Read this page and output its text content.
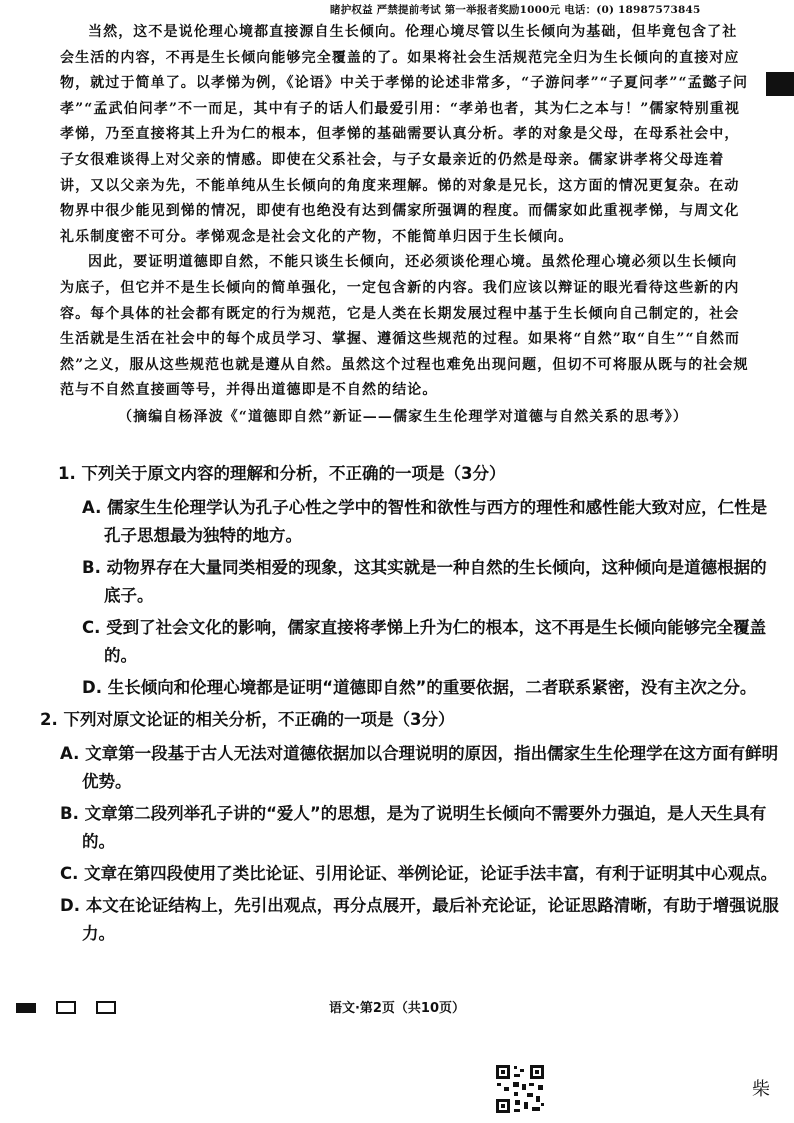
睹护权益 严禁提前考试 第一举报者奖励1000元 电话：(0) 18987573845

当然，这不是说伦理心境都直接源自生长倾向。伦理心境尽管以生长倾向为基础，但毕竟包含了社会生活的内容，不再是生长倾向能够完全覆盖的了。如果将社会生活规范完全归为生长倾向的直接对应物，就过于简单了。以孝悌为例，《论语》中关于孝悌的论述非常多，“子游问孝”“子夏问孝”“孟懿子问孝”“孟武伯问孝”不一而足，其中有子的话人们最爱引用：“孝弟也者，其为仁之本与！”儒家特别重视孝悌，乃至直接将其上升为仁的根本，但孝悌的基础需要认真分析。孝的对象是父母，在母系社会中，子女很难谈得上对父亲的情感。即使在父系社会，与子女最亲近的仍然是母亲。儒家讲孝将父母连着讲，又以父亲为先，不能单纯从生长倾向的角度来理解。悌的对象是兄长，这方面的情况更复杂。在动物界中很少能见到悌的情况，即使有也绝没有达到儒家所强调的程度。而儒家如此重视孝悌，与周文化礼乐制度密不可分。孝悌观念是社会文化的产物，不能简单归因于生长倾向。

因此，要证明道德即自然，不能只谈生长倾向，还必须谈伦理心境。虽然伦理心境必须以生长倾向为底子，但它并不是生长倾向的简单强化，一定包含新的内容。我们应该以辩证的眼光看待这些新的内容。每个具体的社会都有既定的行为规范，它是人类在长期发展过程中基于生长倾向自己制定的，社会生活就是生活在社会中的每个成员学习、掌握、遵循这些规范的过程。如果将“自然”取“自生”“自然而然”之义，服从这些规范也就是遵从自然。虽然这个过程也难免出现问题，但切不可将服从既与的社会规范与不自然直接画等号，并得出道德即是不自然的结论。

（摘编自杨泽波《“道德即自然”新证——儒家生生伦理学对道德与自然关系的思考》）

1. 下列关于原文内容的理解和分析，不正确的一项是（3分）

A. 儒家生生伦理学认为孔子心性之学中的智性和欲性与西方的理性和感性能大致对应，仁性是孔子思想最为独特的地方。

B. 动物界存在大量同类相爱的现象，这其实就是一种自然的生长倾向，这种倾向是道德根据的底子。

C. 受到了社会文化的影响，儒家直接将孝悌上升为仁的根本，这不再是生长倾向能够完全覆盖的。

D. 生长倾向和伦理心境都是证明“道德即自然”的重要依据，二者联系紧密，没有主次之分。

2. 下列对原文论证的相关分析，不正确的一项是（3分）

A. 文章第一段基于古人无法对道德依据加以合理说明的原因，指出儒家生生伦理学在这方面有鲜明优势。

B. 文章第二段列举孔子讲的“爱人”的思想，是为了说明生长倾向不需要外力强迫，是人天生具有的。

C. 文章在第四段使用了类比论证、引用论证、举例论证，论证手法丰富，有利于证明其中心观点。

D. 本文在论证结构上，先引出观点，再分点展开，最后补充论证，论证思路清晰，有助于增强说服力。

语文·第2页（共10页）
柴
